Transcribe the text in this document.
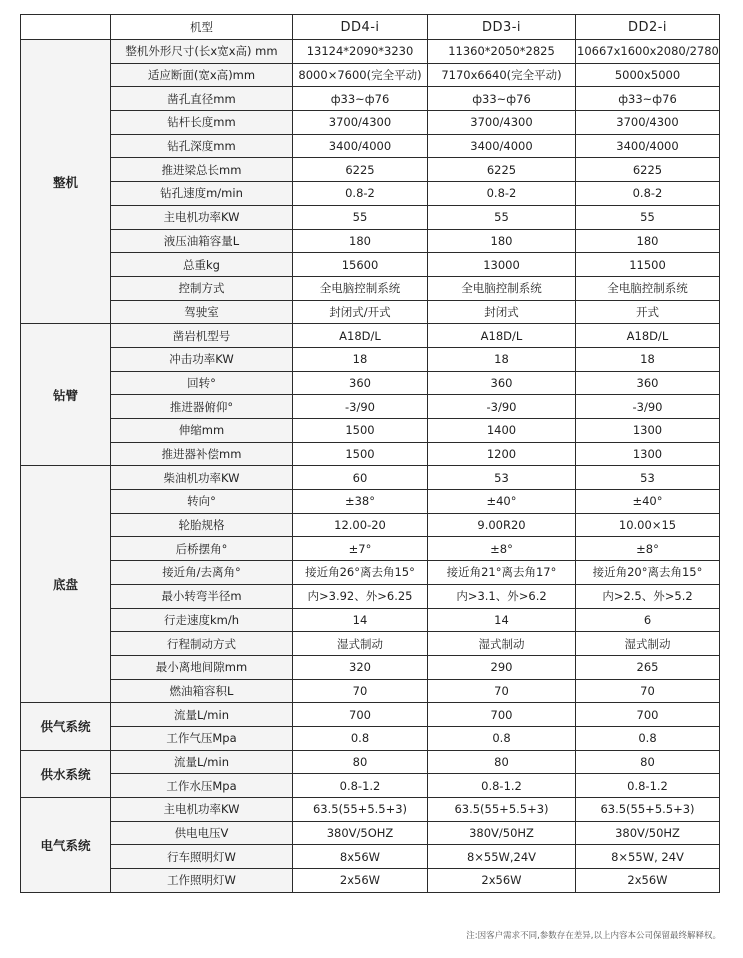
	机型	DD4-i	DD3-i	DD2-i
整机	整机外形尺寸(长x宽x高) mm	13124*2090*3230	11360*2050*2825	10667x1600x2080/2780
	适应断面(宽x高)mm	8000×7600(完全平动)	7170x6640(完全平动)	5000x5000
	凿孔直径mm	ф33~ф76	ф33~ф76	ф33~ф76
	钻杆长度mm	3700/4300	3700/4300	3700/4300
	钻孔深度mm	3400/4000	3400/4000	3400/4000
	推进梁总长mm	6225	6225	6225
	钻孔速度m/min	0.8-2	0.8-2	0.8-2
	主电机功率KW	55	55	55
	液压油箱容量L	180	180	180
	总重kg	15600	13000	11500
	控制方式	全电脑控制系统	全电脑控制系统	全电脑控制系统
	驾驶室	封闭式/开式	封闭式	开式
钻臂	凿岩机型号	A18D/L	A18D/L	A18D/L
	冲击功率KW	18	18	18
	回转°	360	360	360
	推进器俯仰°	-3/90	-3/90	-3/90
	伸缩mm	1500	1400	1300
	推进器补偿mm	1500	1200	1300
底盘	柴油机功率KW	60	53	53
	转向°	±38°	±40°	±40°
	轮胎规格	12.00-20	9.00R20	10.00×15
	后桥摆角°	±7°	±8°	±8°
	接近角/去离角°	接近角26°离去角15°	接近角21°离去角17°	接近角20°离去角15°
	最小转弯半径m	内>3.92、外>6.25	内>3.1、外>6.2	内>2.5、外>5.2
	行走速度km/h	14	14	6
	行程制动方式	湿式制动	湿式制动	湿式制动
	最小离地间隙mm	320	290	265
	燃油箱容积L	70	70	70
供气系统	流量L/min	700	700	700
	工作气压Mpa	0.8	0.8	0.8
供水系统	流量L/min	80	80	80
	工作水压Mpa	0.8-1.2	0.8-1.2	0.8-1.2
电气系统	主电机功率KW	63.5(55+5.5+3)	63.5(55+5.5+3)	63.5(55+5.5+3)
	供电电压V	380V/5OHZ	380V/50HZ	380V/50HZ
	行车照明灯W	8x56W	8×55W,24V	8×55W, 24V
	工作照明灯W	2x56W	2x56W	2x56W
注:因客户需求不同,参数存在差异,以上内容本公司保留最终解释权。
